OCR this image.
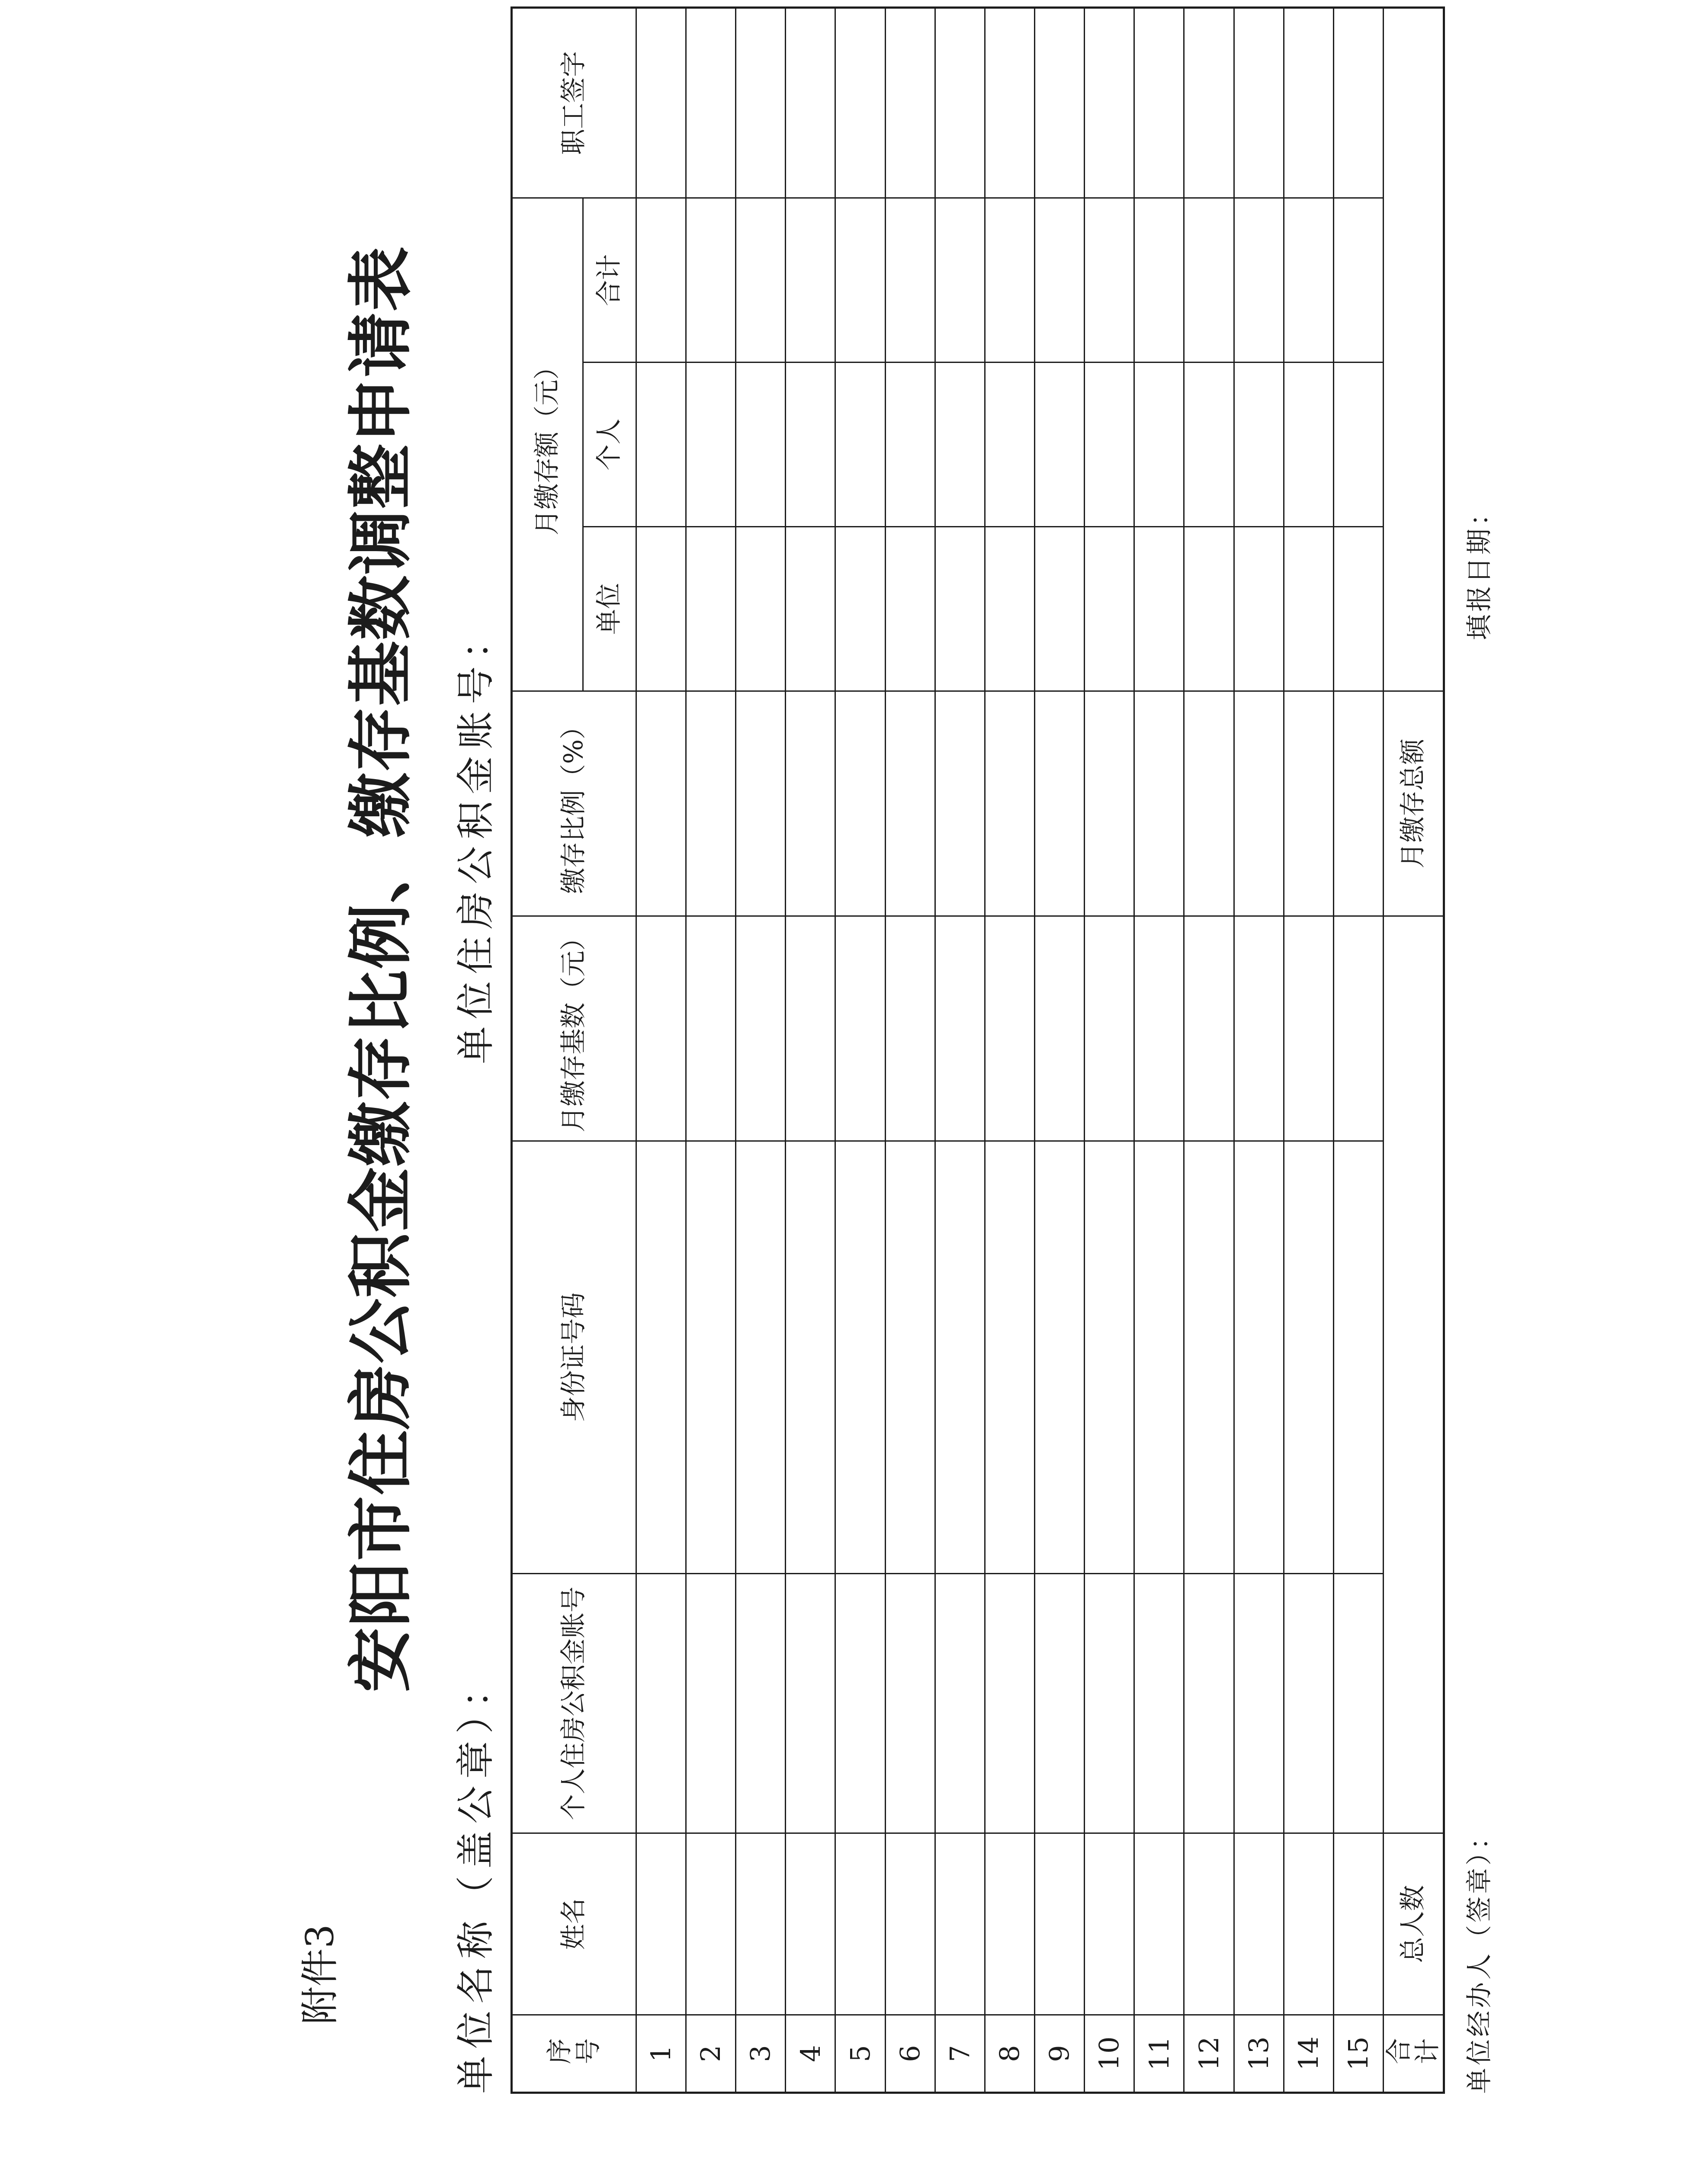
附件3
安阳市住房公积金缴存比例、缴存基数调整申请表
单位名称（盖公章）：
单位住房公积金账号：
序号	姓名	个人住房公积金账号	身份证号码	月缴存基数（元）	缴存比例（%）	月缴存额（元）			职工签字
						单位	个人	合计	
1									
2									
3									
4									
5									
6									
7									
8									
9									
10									
11									
12									
13									
14									
15									
合计	总人数				月缴存总额				
单位经办人（签章）：
填报日期：
